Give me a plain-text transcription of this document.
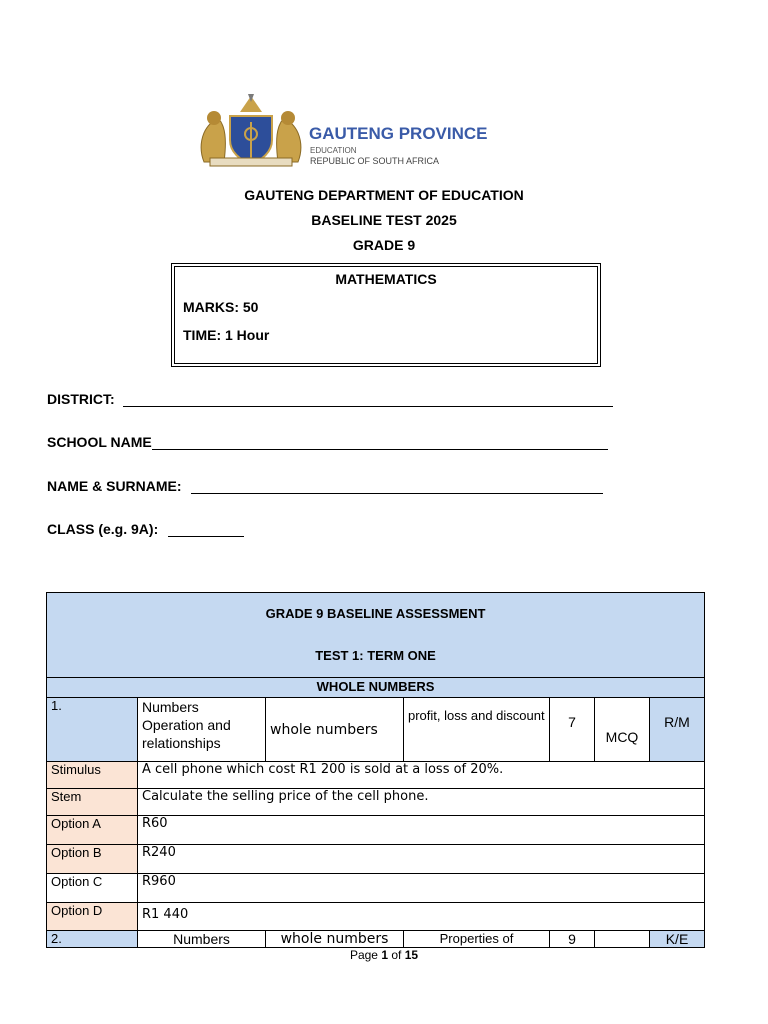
GAUTENG PROVINCE
EDUCATION
REPUBLIC OF SOUTH AFRICA
GAUTENG DEPARTMENT OF EDUCATION
BASELINE TEST 2025
GRADE 9
MATHEMATICS
MARKS: 50
TIME: 1 Hour
DISTRICT:
SCHOOL NAME
NAME & SURNAME:
CLASS (e.g. 9A):
GRADE 9 BASELINE ASSESSMENT
TEST 1: TERM ONE						

WHOLE NUMBERS						
1.	Numbers Operation and relationships	whole numbers	profit, loss and discount	7	MCQ	R/M
Stimulus	A cell phone which cost R1 200 is sold at a loss of 20%.					
Stem	Calculate the selling price of the cell phone.					
Option A	R60					
Option B	R240					
Option C	R960					
Option D	R1 440					
2.	Numbers	whole numbers	Properties of	9		K/E
Page 1 of 15
